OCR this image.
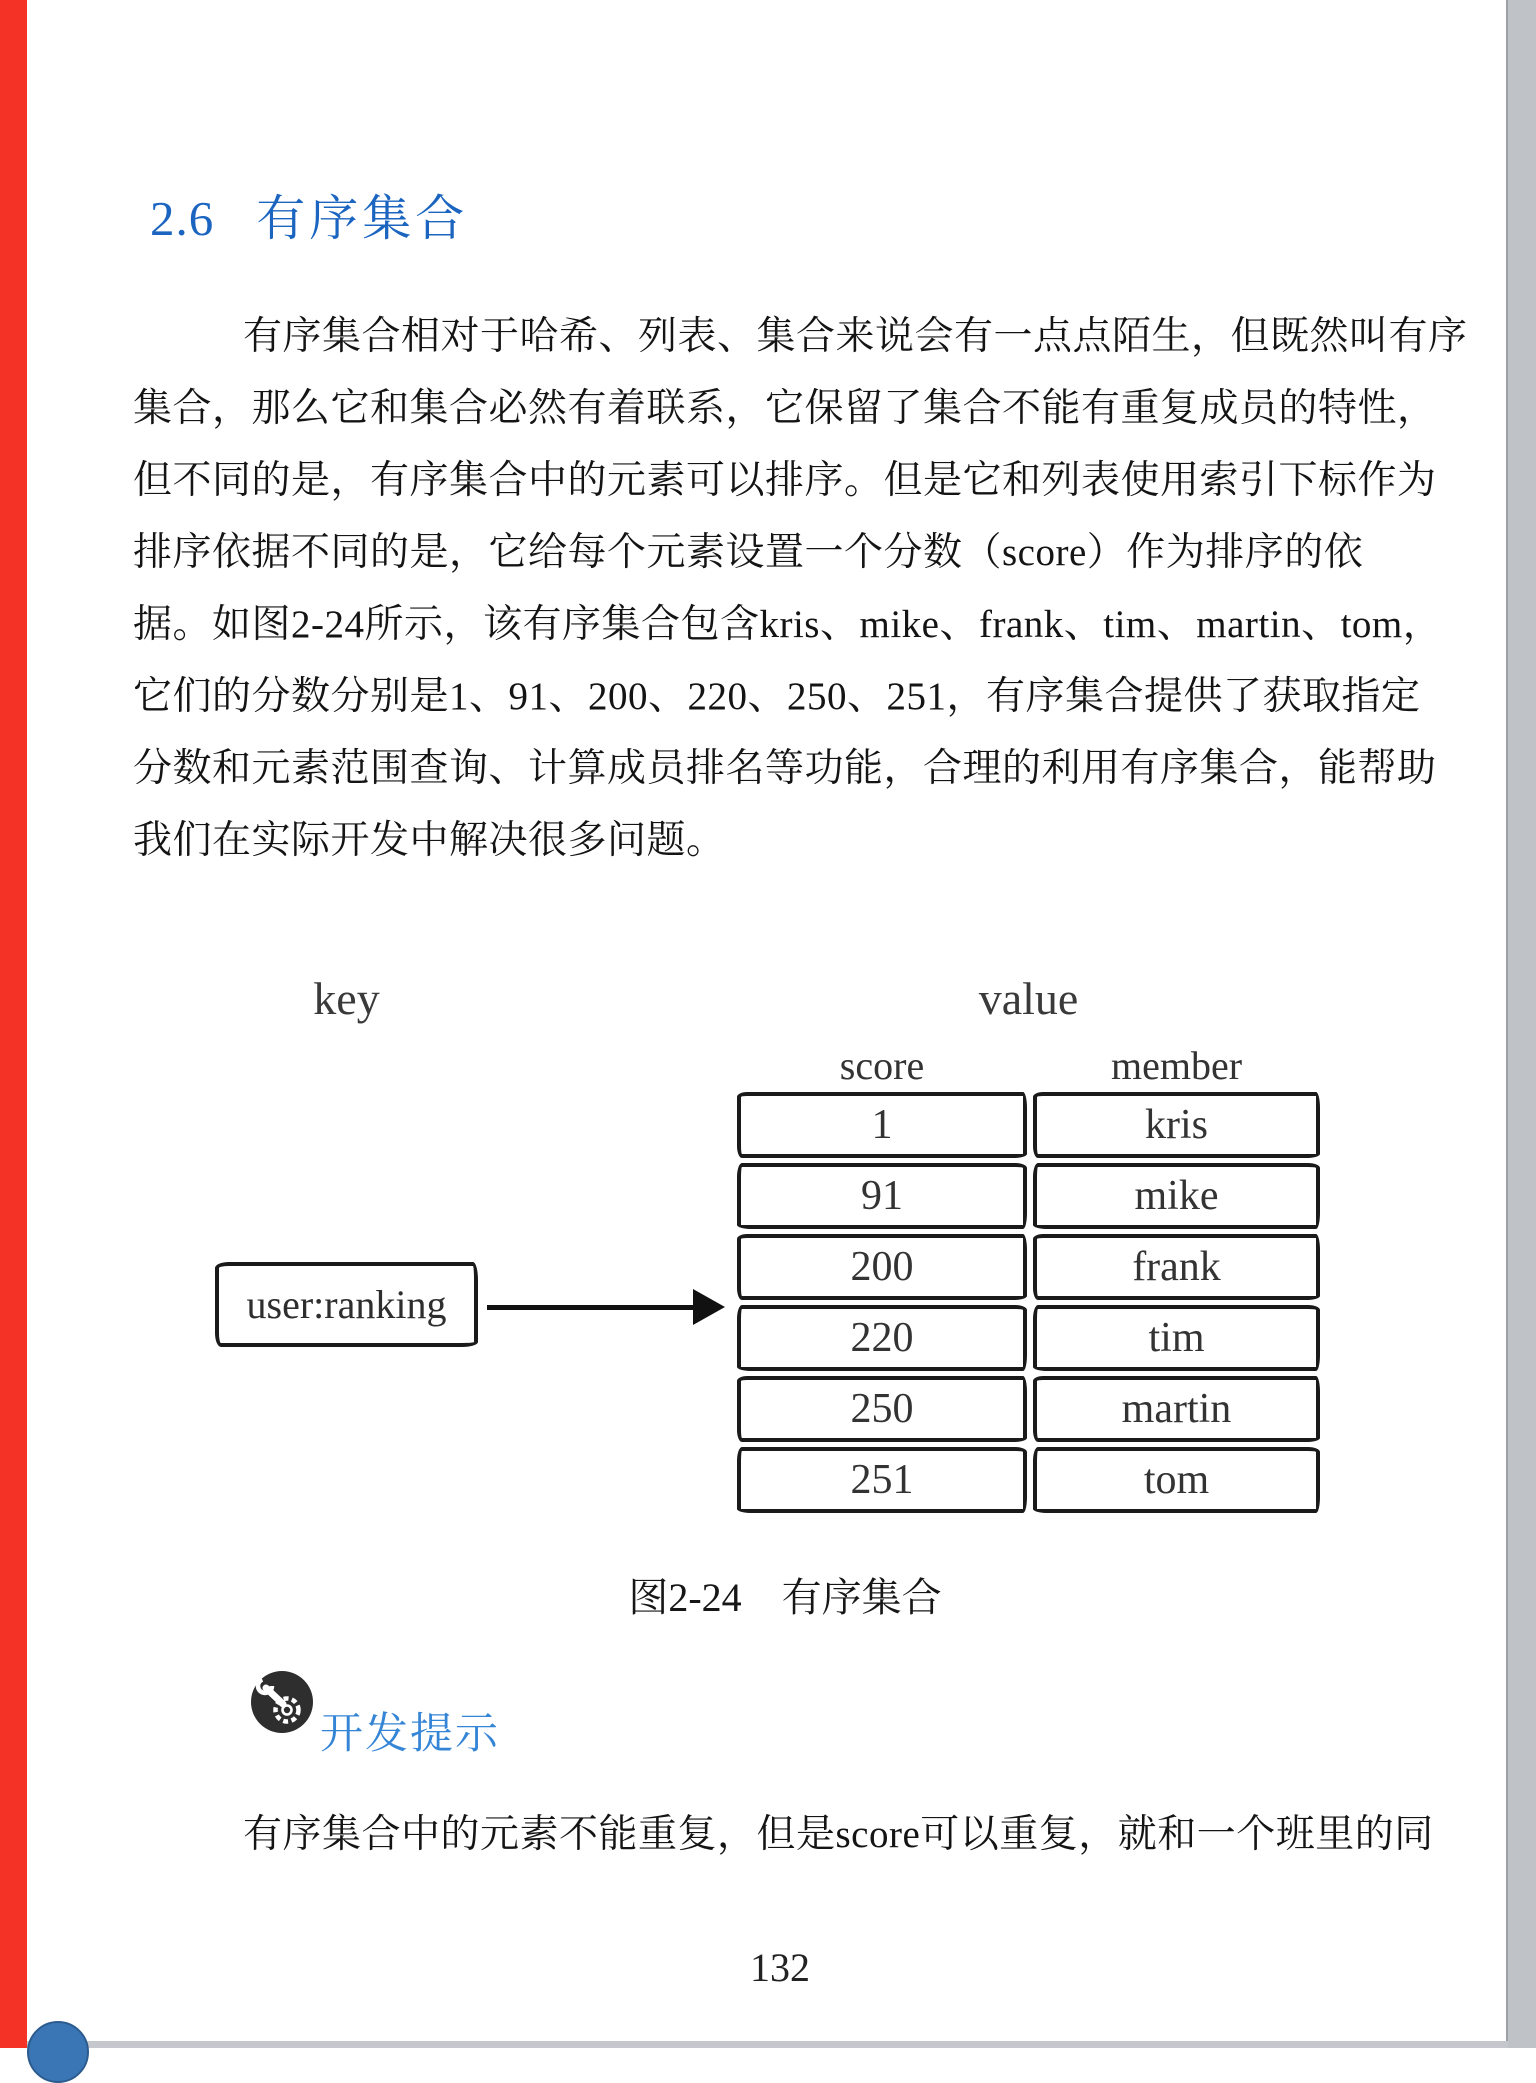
2.6 有序集合
有序集合相对于哈希、列表、集合来说会有一点点陌生，但既然叫有序
集合，那么它和集合必然有着联系，它保留了集合不能有重复成员的特性，
但不同的是，有序集合中的元素可以排序。但是它和列表使用索引下标作为
排序依据不同的是，它给每个元素设置一个分数（score）作为排序的依
据。如图2-24所示，该有序集合包含kris、mike、frank、tim、martin、tom，
它们的分数分别是1、91、200、220、250、251，有序集合提供了获取指定
分数和元素范围查询、计算成员排名等功能，合理的利用有序集合，能帮助
我们在实际开发中解决很多问题。
key	value
score	member
user:ranking
1
91
200
220
250
251
kris
mike
frank
tim
martin
tom
图2-24　有序集合
开发提示
有序集合中的元素不能重复，但是score可以重复，就和一个班里的同
132
